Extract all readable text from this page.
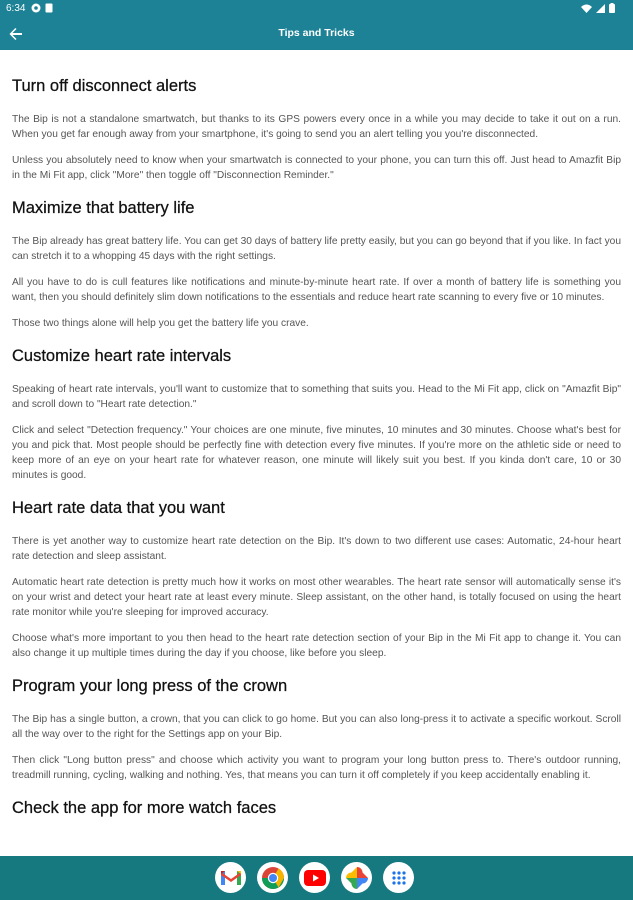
6:34
Tips and Tricks
Turn off disconnect alerts

The Bip is not a standalone smartwatch, but thanks to its GPS powers every once in a while you may decide to take it out on a run. When you get far enough away from your smartphone, it's going to send you an alert telling you you're disconnected.

Unless you absolutely need to know when your smartwatch is connected to your phone, you can turn this off. Just head to Amazfit Bip in the Mi Fit app, click "More" then toggle off "Disconnection Reminder."

Maximize that battery life

The Bip already has great battery life. You can get 30 days of battery life pretty easily, but you can go beyond that if you like. In fact you can stretch it to a whopping 45 days with the right settings.

All you have to do is cull features like notifications and minute-by-minute heart rate. If over a month of battery life is something you want, then you should definitely slim down notifications to the essentials and reduce heart rate scanning to every five or 10 minutes.

Those two things alone will help you get the battery life you crave.

Customize heart rate intervals

Speaking of heart rate intervals, you'll want to customize that to something that suits you. Head to the Mi Fit app, click on "Amazfit Bip" and scroll down to "Heart rate detection."

Click and select "Detection frequency." Your choices are one minute, five minutes, 10 minutes and 30 minutes. Choose what's best for you and pick that. Most people should be perfectly fine with detection every five minutes. If you're more on the athletic side or need to keep more of an eye on your heart rate for whatever reason, one minute will likely suit you best. If you kinda don't care, 10 or 30 minutes is good.

Heart rate data that you want

There is yet another way to customize heart rate detection on the Bip. It's down to two different use cases: Automatic, 24-hour heart rate detection and sleep assistant.

Automatic heart rate detection is pretty much how it works on most other wearables. The heart rate sensor will automatically sense it's on your wrist and detect your heart rate at least every minute. Sleep assistant, on the other hand, is totally focused on using the heart rate monitor while you're sleeping for improved accuracy.

Choose what's more important to you then head to the heart rate detection section of your Bip in the Mi Fit app to change it. You can also change it up multiple times during the day if you choose, like before you sleep.

Program your long press of the crown

The Bip has a single button, a crown, that you can click to go home. But you can also long-press it to activate a specific workout. Scroll all the way over to the right for the Settings app on your Bip.

Then click "Long button press" and choose which activity you want to program your long button press to. There's outdoor running, treadmill running, cycling, walking and nothing. Yes, that means you can turn it off completely if you keep accidentally enabling it.

Check the app for more watch faces
